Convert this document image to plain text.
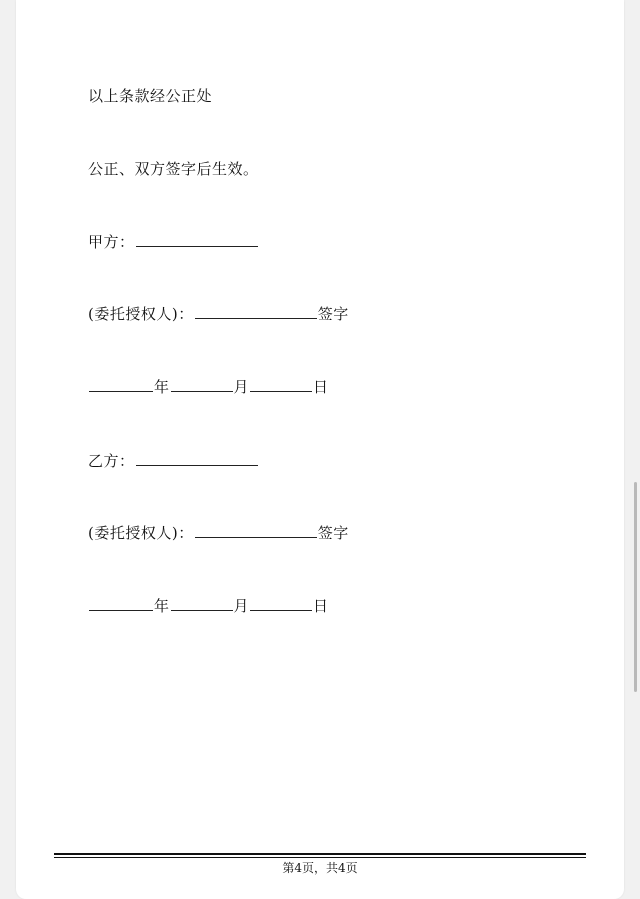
以上条款经公正处
公正、双方签字后生效。
甲方：
(委托授权人)：	签字
年	月	日
乙方：
(委托授权人)：	签字
年	月	日
第4页，共4页
